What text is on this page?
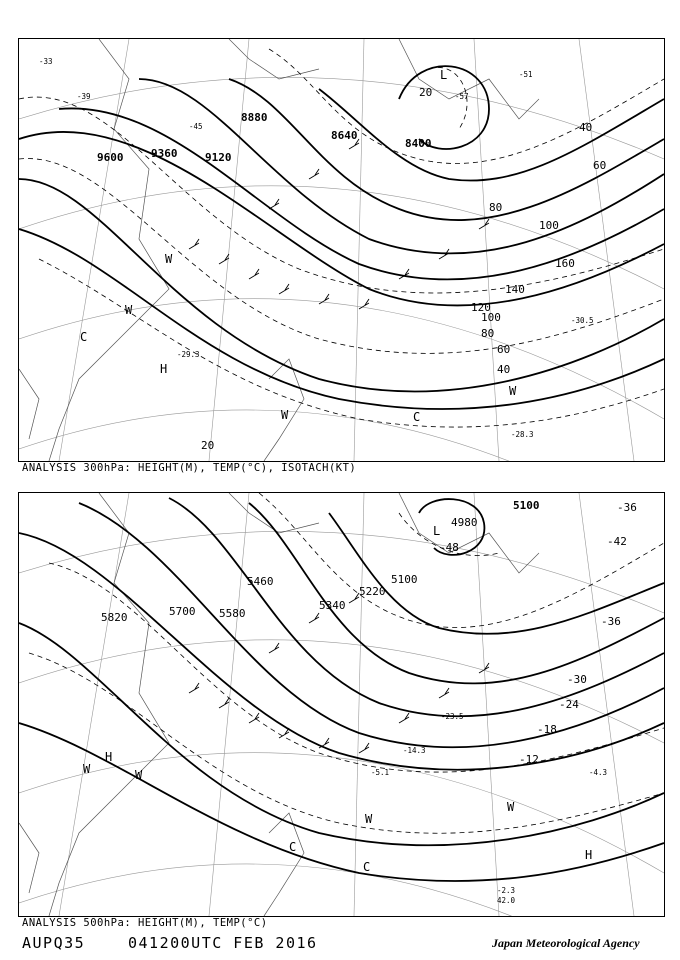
9600	9360	9120
8880
8640
8400
20
40
60
80
100
120
140
160
20
40
60
80
100
-33
-39
-45
-51
-57
-29.3
-30.5
-28.3
L
H
C
C
W
W
W
W
ANALYSIS 300hPa: HEIGHT(M), TEMP(°C), ISOTACH(KT)
5820	5700 5580
5460
5340
5220
5100
4980
5100
-48	-42
-36
-30
-24
-18
-12
-36
-2.3
42.0
-14.3
-5.1
-23.5
-4.3
L
H
H
C
C
W	W
W
W
ANALYSIS 500hPa: HEIGHT(M), TEMP(°C)
AUPQ35	041200UTC FEB 2016	Japan Meteorological Agency
